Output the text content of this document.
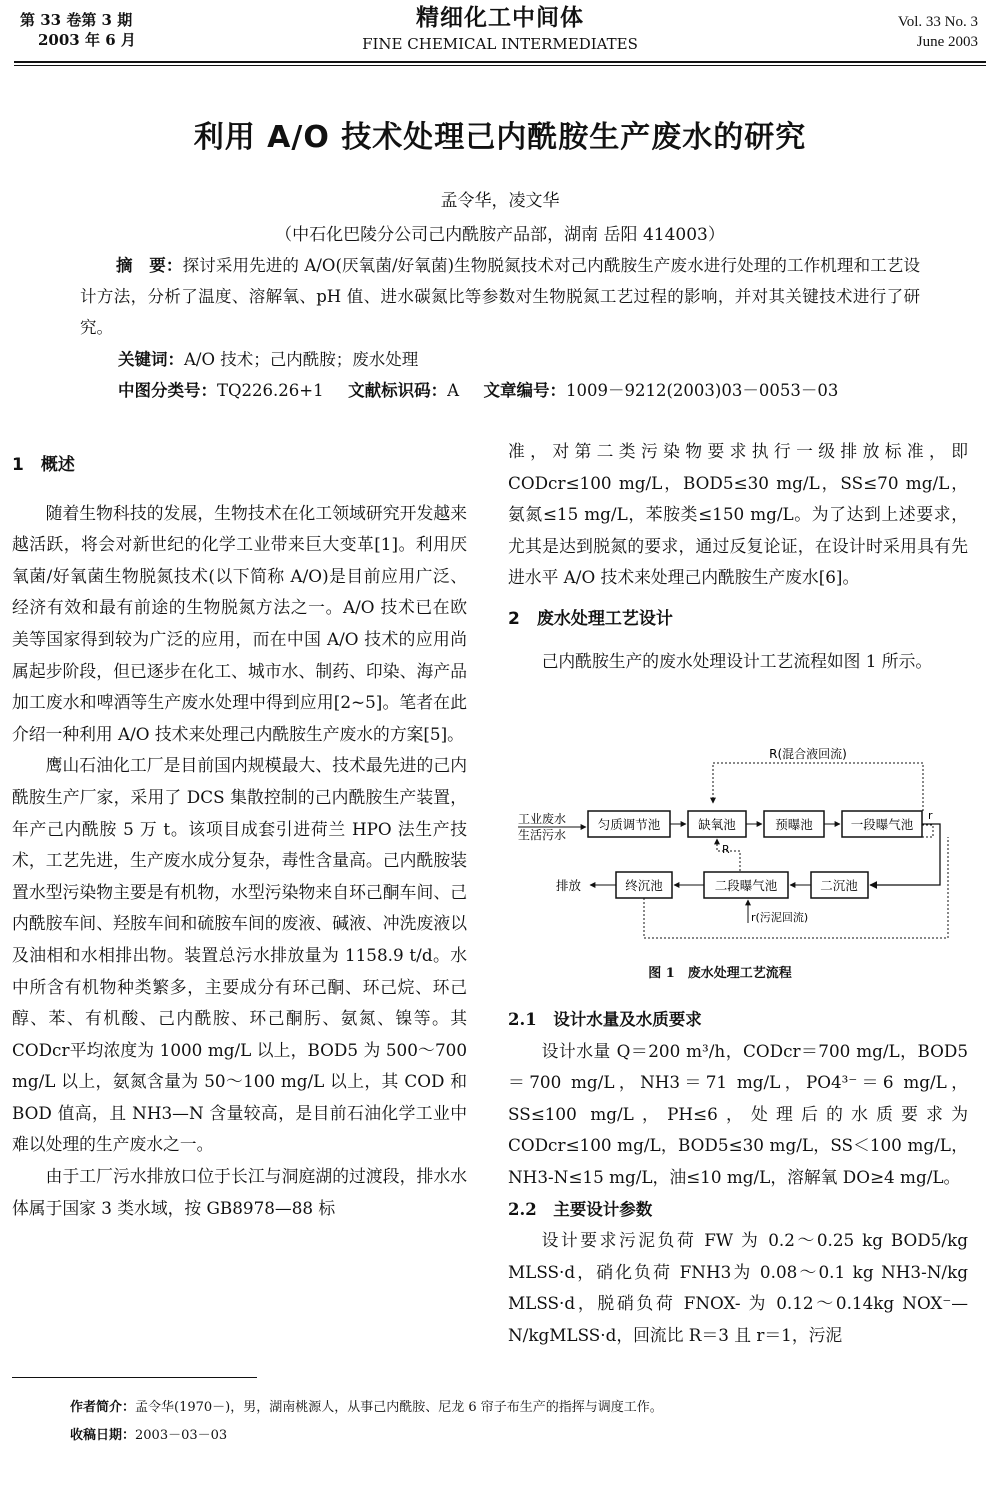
第 33 卷第 3 期
2003 年 6 月
精细化工中间体
FINE CHEMICAL INTERMEDIATES
Vol. 33 No. 3
June 2003
利用 A/O 技术处理己内酰胺生产废水的研究
孟令华，凌文华
（中石化巴陵分公司己内酰胺产品部，湖南 岳阳 414003）
摘　要：探讨采用先进的 A/O(厌氧菌/好氧菌)生物脱氮技术对己内酰胺生产废水进行处理的工作机理和工艺设计方法，分析了温度、溶解氧、pH 值、进水碳氮比等参数对生物脱氮工艺过程的影响，并对其关键技术进行了研究。
关键词：A/O 技术；己内酰胺；废水处理
中图分类号：TQ226.26+1 文献标识码：A 文章编号：1009－9212(2003)03－0053－03

1　概述

随着生物科技的发展，生物技术在化工领域研究开发越来越活跃，将会对新世纪的化学工业带来巨大变革[1]。利用厌氧菌/好氧菌生物脱氮技术(以下简称 A/O)是目前应用广泛、经济有效和最有前途的生物脱氮方法之一。A/O 技术已在欧美等国家得到较为广泛的应用，而在中国 A/O 技术的应用尚属起步阶段，但已逐步在化工、城市水、制药、印染、海产品加工废水和啤酒等生产废水处理中得到应用[2~5]。笔者在此介绍一种利用 A/O 技术来处理己内酰胺生产废水的方案[5]。

鹰山石油化工厂是目前国内规模最大、技术最先进的己内酰胺生产厂家，采用了 DCS 集散控制的己内酰胺生产装置，年产己内酰胺 5 万 t。该项目成套引进荷兰 HPO 法生产技术，工艺先进，生产废水成分复杂，毒性含量高。己内酰胺装置水型污染物主要是有机物，水型污染物来自环己酮车间、己内酰胺车间、羟胺车间和硫胺车间的废液、碱液、冲洗废液以及油相和水相排出物。装置总污水排放量为 1158.9 t/d。水中所含有机物种类繁多，主要成分有环己酮、环己烷、环己醇、苯、有机酸、己内酰胺、环己酮肟、氨氮、镍等。其 CODcr平均浓度为 1000 mg/L 以上，BOD5 为 500～700 mg/L 以上，氨氮含量为 50～100 mg/L 以上，其 COD 和 BOD 值高，且 NH3—N 含量较高，是目前石油化学工业中难以处理的生产废水之一。

由于工厂污水排放口位于长江与洞庭湖的过渡段，排水水体属于国家 3 类水域，按 GB8978—88 标

准，对第二类污染物要求执行一级排放标准，即 CODcr≤100 mg/L，BOD5≤30 mg/L，SS≤70 mg/L，氨氮≤15 mg/L，苯胺类≤150 mg/L。为了达到上述要求，尤其是达到脱氮的要求，通过反复论证，在设计时采用具有先进水平 A/O 技术来处理己内酰胺生产废水[6]。

2　废水处理工艺设计

己内酰胺生产的废水处理设计工艺流程如图 1 所示。

R(混合液回流)
工业废水
生活污水
匀质调节池	缺氧池	预曝池	一段曝气池
r
R
二沉池
二段曝气池
终沉池
排放
r(污泥回流)
图 1　废水处理工艺流程

2.1　设计水量及水质要求

设计水量 Q＝200 m³/h，CODcr＝700 mg/L，BOD5＝700 mg/L，NH3＝71 mg/L，PO4³⁻＝6 mg/L，SS≤100 mg/L，PH≤6，处理后的水质要求为 CODcr≤100 mg/L，BOD5≤30 mg/L，SS＜100 mg/L，NH3-N≤15 mg/L，油≤10 mg/L，溶解氧 DO≥4 mg/L。

2.2　主要设计参数

设计要求污泥负荷 FW 为 0.2～0.25 kg BOD5/kg MLSS·d，硝化负荷 FNH3为 0.08～0.1 kg NH3-N/kg MLSS·d，脱硝负荷 FNOX- 为 0.12～0.14kg NOX⁻—N/kgMLSS·d，回流比 R＝3 且 r＝1，污泥

作者简介：孟令华(1970－)，男，湖南桃源人，从事己内酰胺、尼龙 6 帘子布生产的指挥与调度工作。
收稿日期：2003－03－03
